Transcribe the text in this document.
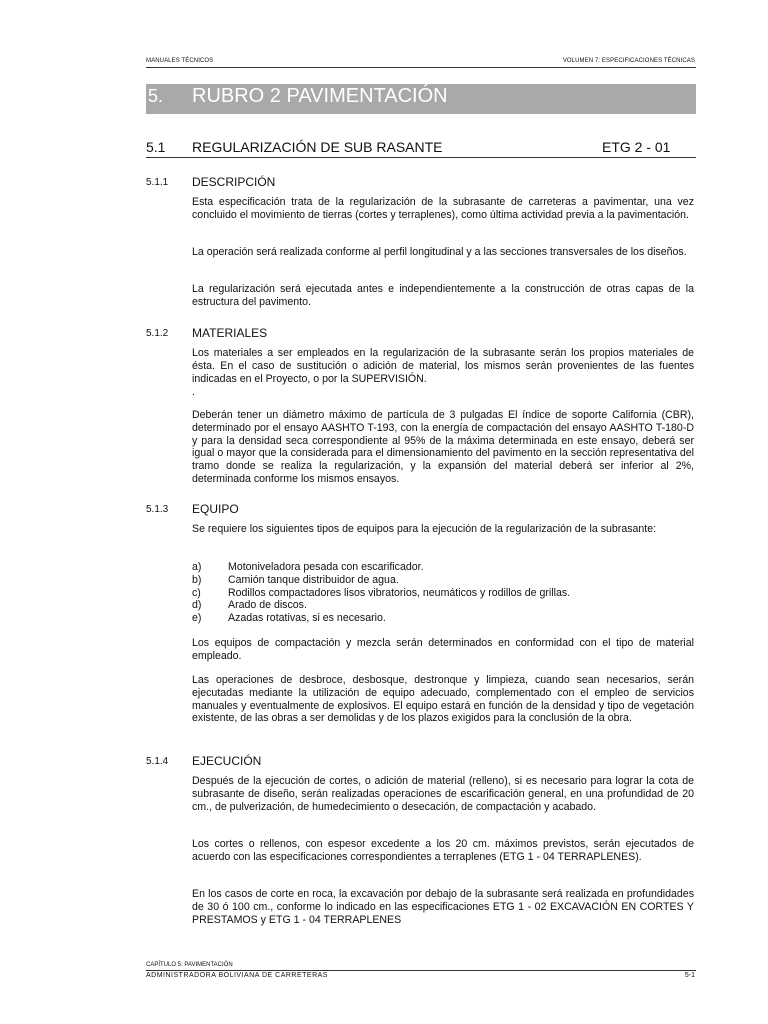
MANUALES TÉCNICOS	VOLUMEN 7: ESPECIFICACIONES TÉCNICAS
5. RUBRO 2 PAVIMENTACIÓN
5.1 REGULARIZACIÓN DE SUB RASANTE	ETG 2 - 01
5.1.1 DESCRIPCIÓN

Esta especificación trata de la regularización de la subrasante de carreteras a pavimentar, una vez concluido el movimiento de tierras (cortes y terraplenes), como última actividad previa a la pavimentación.

La operación será realizada conforme al perfil longitudinal y a las secciones transversales de los diseños.

La regularización será ejecutada antes e independientemente a la construcción de otras capas de la estructura del pavimento.

5.1.2 MATERIALES

Los materiales a ser empleados en la regularización de la subrasante serán los propios materiales de ésta. En el caso de sustitución o adición de material, los mismos serán provenientes de las fuentes indicadas en el Proyecto, o por la SUPERVISIÓN.

.

Deberán tener un diámetro máximo de partícula de 3 pulgadas El índice de soporte California (CBR), determinado por el ensayo AASHTO T-193, con la energía de compactación del ensayo AASHTO T-180-D y para la densidad seca correspondiente al 95% de la máxima determinada en este ensayo, deberá ser igual o mayor que la considerada para el dimensionamiento del pavimento en la sección representativa del tramo donde se realiza la regularización, y la expansión del material deberá ser inferior al 2%, determinada conforme los mismos ensayos.

5.1.3 EQUIPO

Se requiere los siguientes tipos de equipos para la ejecución de la regularización de la subrasante:

a)	Motoniveladora pesada con escarificador.
b)	Camión tanque distribuidor de agua.
c)	Rodillos compactadores lisos vibratorios, neumáticos y rodillos de grillas.
d)	Arado de discos.
e)	Azadas rotativas, si es necesario.

Los equipos de compactación y mezcla serán determinados en conformidad con el tipo de material empleado.

Las operaciones de desbroce, desbosque, destronque y limpieza, cuando sean necesarios, serán ejecutadas mediante la utilización de equipo adecuado, complementado con el empleo de servicios manuales y eventualmente de explosivos. El equipo estará en función de la densidad y tipo de vegetación existente, de las obras a ser demolidas y de los plazos exigidos para la conclusión de la obra.

5.1.4 EJECUCIÓN

Después de la ejecución de cortes, o adición de material (relleno), si es necesario para lograr la cota de subrasante de diseño, serán realizadas operaciones de escarificación general, en una profundidad de 20 cm., de pulverización, de humedecimiento o desecación, de compactación y acabado.

Los cortes o rellenos, con espesor excedente a los 20 cm. máximos previstos, serán ejecutados de acuerdo con las especificaciones correspondientes a terraplenes (ETG 1 - 04 TERRAPLENES).

En los casos de corte en roca, la excavación por debajo de la subrasante será realizada en profundidades de 30 ó 100 cm., conforme lo indicado en las especificaciones ETG 1 - 02 EXCAVACIÓN EN CORTES Y PRESTAMOS y ETG 1 - 04 TERRAPLENES

CAPÍTULO 5: PAVIMENTACIÓN
ADMINISTRADORA BOLIVIANA DE CARRETERAS	5-1
